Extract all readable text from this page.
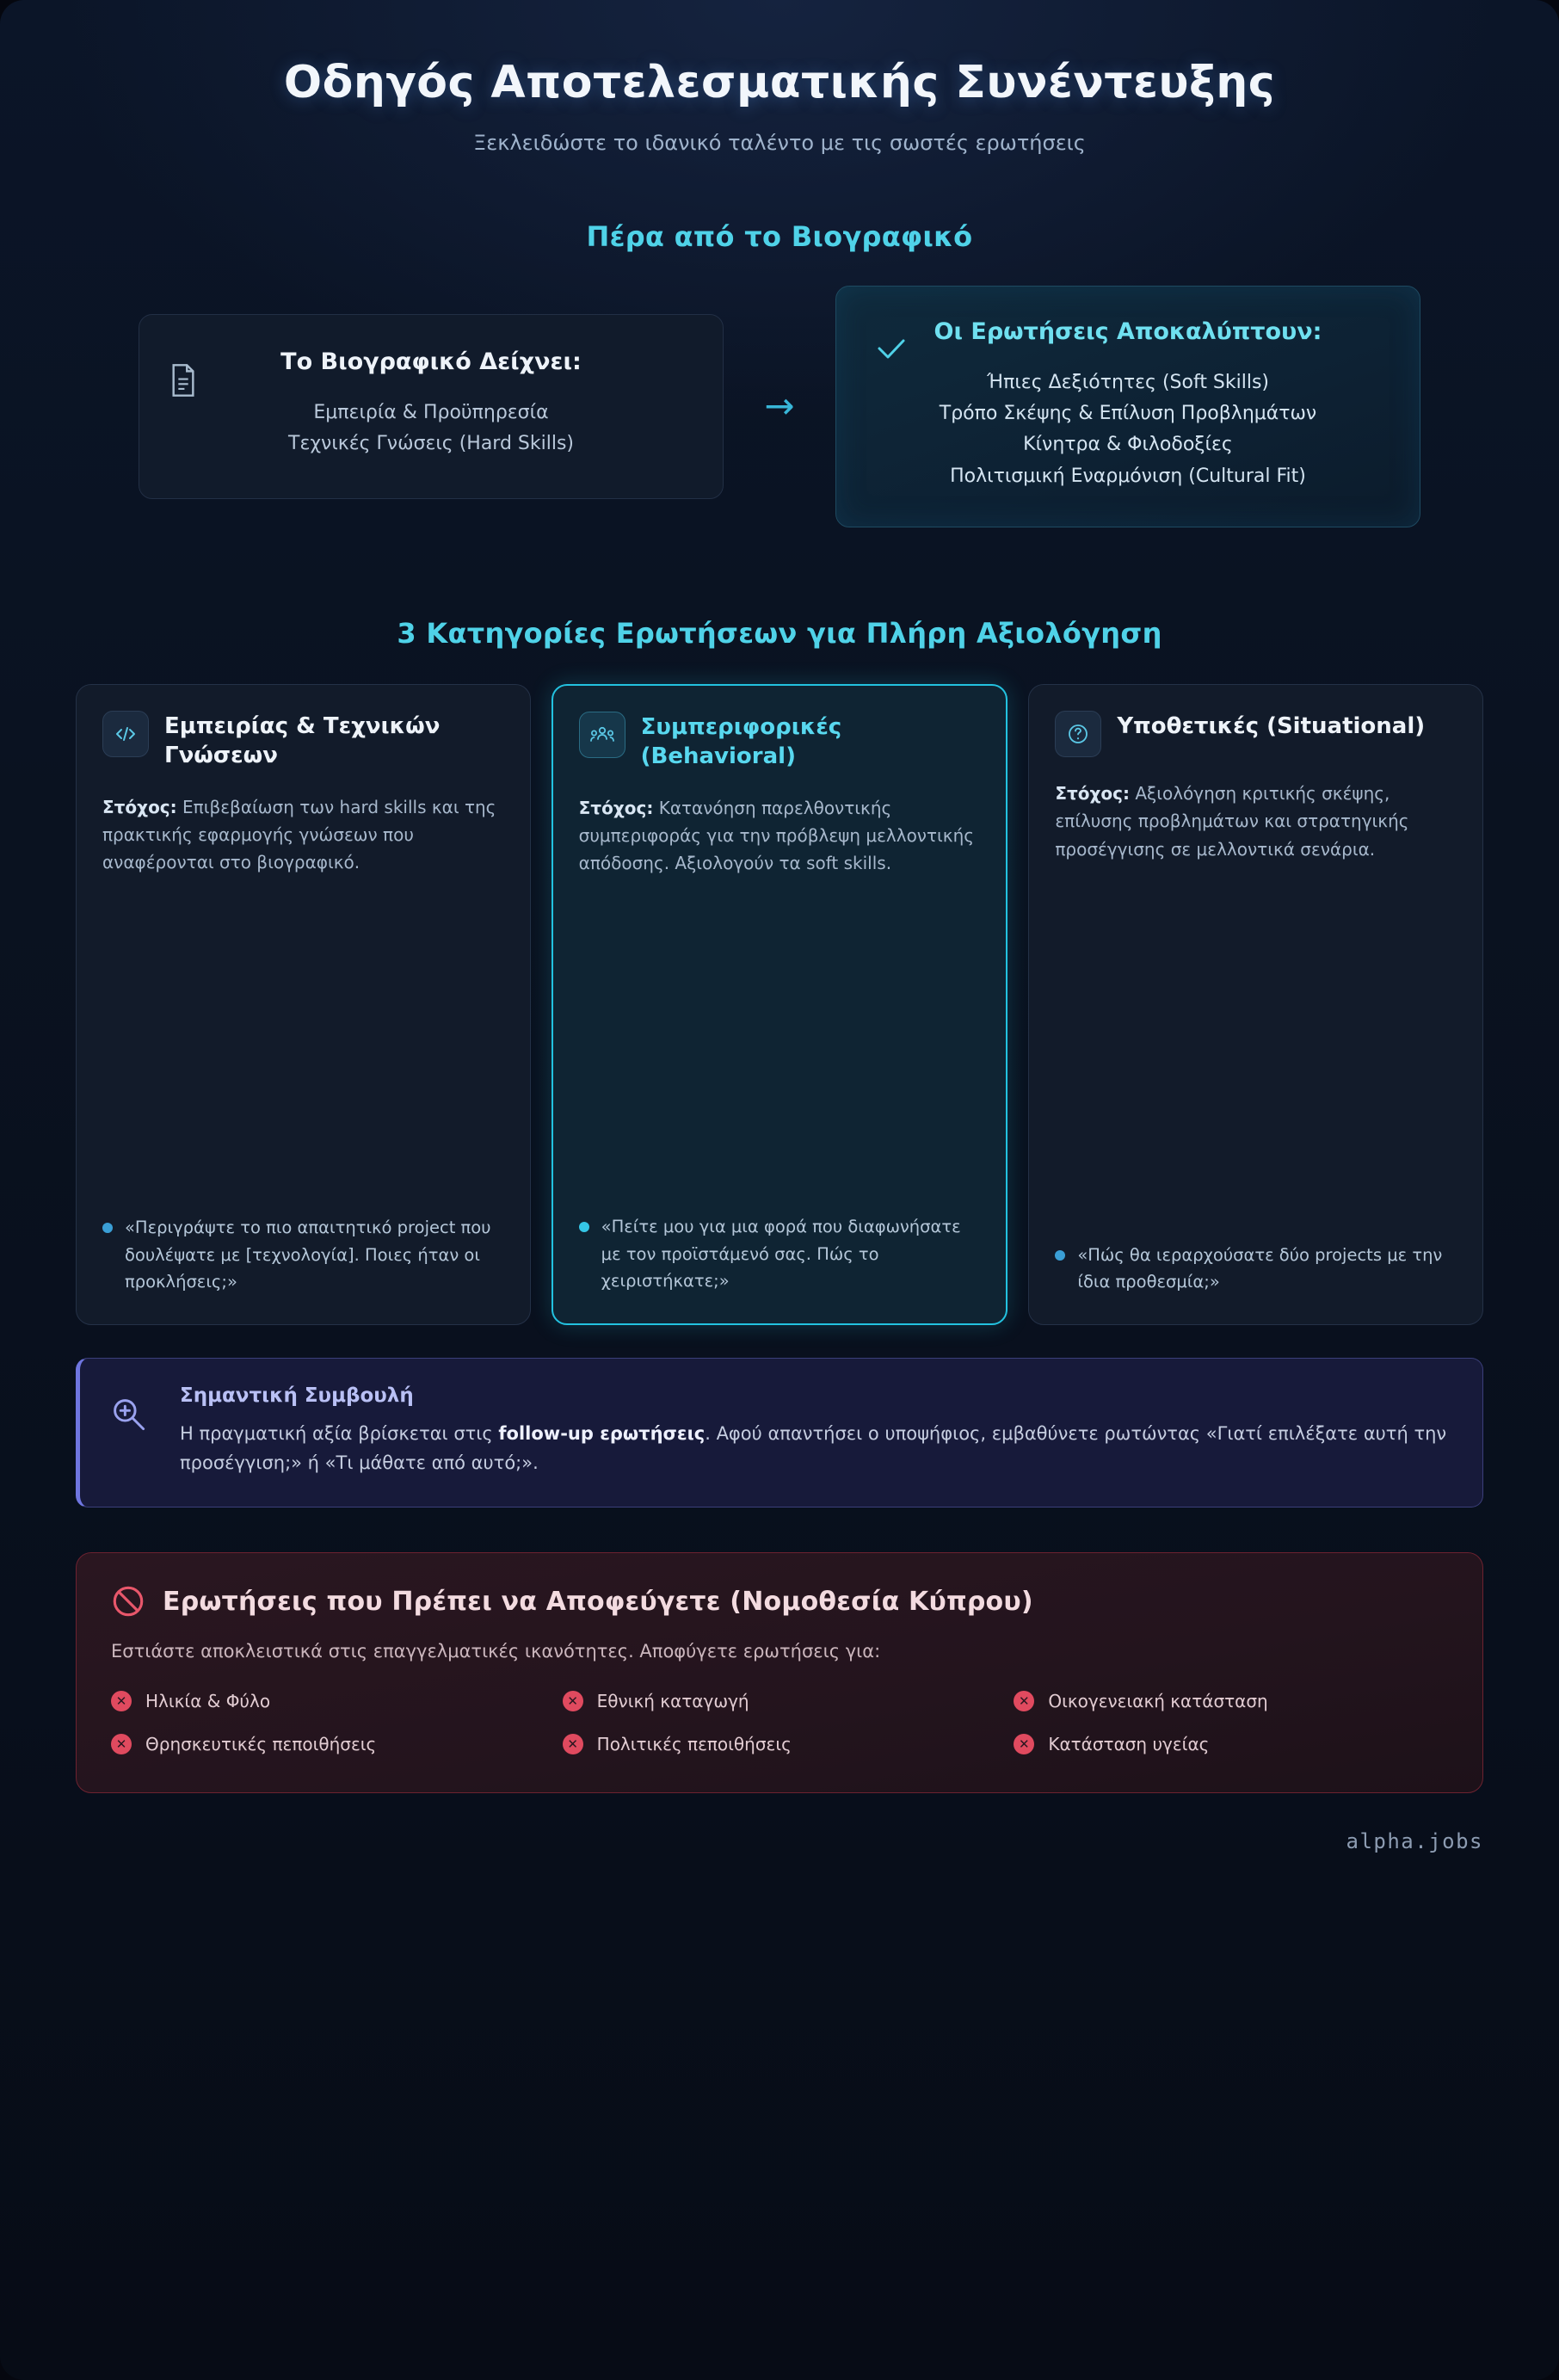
Οδηγός Αποτελεσματικής Συνέντευξης
Ξεκλειδώστε το ιδανικό ταλέντο με τις σωστές ερωτήσεις
Πέρα από το Βιογραφικό
Το Βιογραφικό Δείχνει:
Εμπειρία & Προϋπηρεσία
Τεχνικές Γνώσεις (Hard Skills)
→
Οι Ερωτήσεις Αποκαλύπτουν:
Ήπιες Δεξιότητες (Soft Skills)
Τρόπο Σκέψης & Επίλυση Προβλημάτων
Κίνητρα & Φιλοδοξίες
Πολιτισμική Εναρμόνιση (Cultural Fit)
3 Κατηγορίες Ερωτήσεων για Πλήρη Αξιολόγηση
Εμπειρίας & Τεχνικών Γνώσεων
Στόχος: Επιβεβαίωση των hard skills και της πρακτικής εφαρμογής γνώσεων που αναφέρονται στο βιογραφικό.
«Περιγράψτε το πιο απαιτητικό project που δουλέψατε με [τεχνολογία]. Ποιες ήταν οι προκλήσεις;»
Συμπεριφορικές (Behavioral)
Στόχος: Κατανόηση παρελθοντικής συμπεριφοράς για την πρόβλεψη μελλοντικής απόδοσης. Αξιολογούν τα soft skills.
«Πείτε μου για μια φορά που διαφωνήσατε με τον προϊστάμενό σας. Πώς το χειριστήκατε;»
Υποθετικές (Situational)
Στόχος: Αξιολόγηση κριτικής σκέψης, επίλυσης προβλημάτων και στρατηγικής προσέγγισης σε μελλοντικά σενάρια.
«Πώς θα ιεραρχούσατε δύο projects με την ίδια προθεσμία;»
Σημαντική Συμβουλή
Η πραγματική αξία βρίσκεται στις follow-up ερωτήσεις. Αφού απαντήσει ο υποψήφιος, εμβαθύνετε ρωτώντας «Γιατί επιλέξατε αυτή την προσέγγιση;» ή «Τι μάθατε από αυτό;».
Ερωτήσεις που Πρέπει να Αποφεύγετε (Νομοθεσία Κύπρου)
Εστιάστε αποκλειστικά στις επαγγελματικές ικανότητες. Αποφύγετε ερωτήσεις για:
✕ Ηλικία & Φύλο	✕ Εθνική καταγωγή	✕ Οικογενειακή κατάσταση
✕ Θρησκευτικές πεποιθήσεις	✕ Πολιτικές πεποιθήσεις	✕ Κατάσταση υγείας
alpha.jobs
